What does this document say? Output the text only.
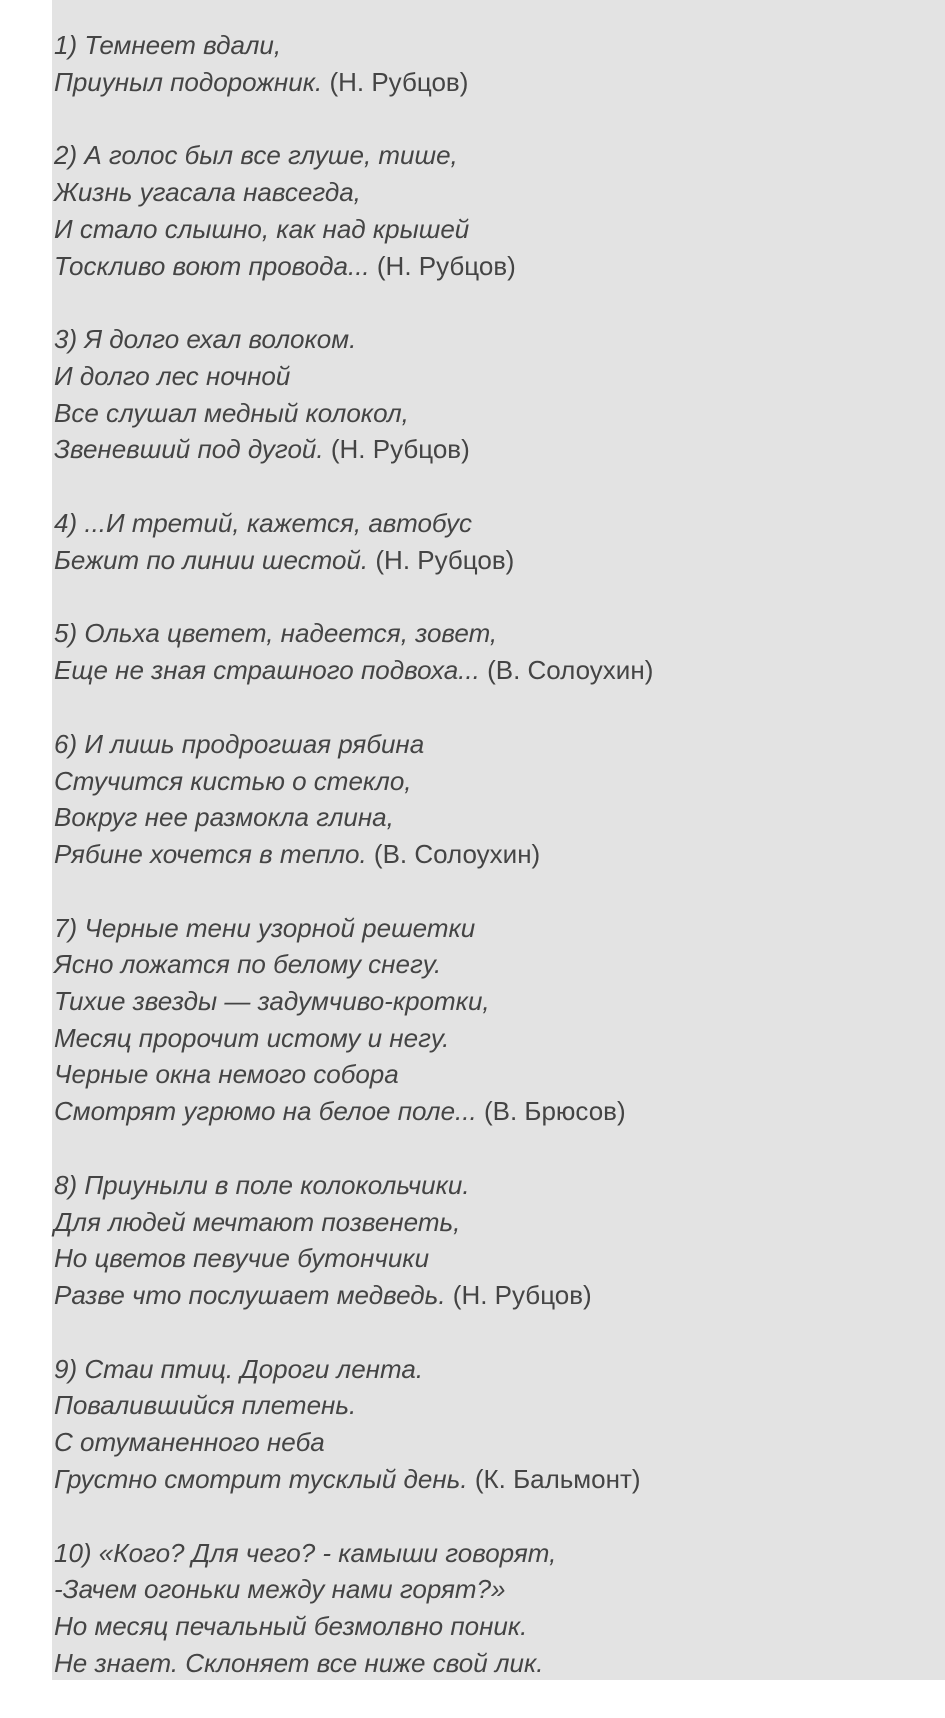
1) Темнеет вдали,
Приуныл подорожник. (Н. Рубцов)
2) А голос был все глуше, тише,
Жизнь угасала навсегда,
И стало слышно, как над крышей
Тоскливо воют провода... (Н. Рубцов)
3) Я долго ехал волоком.
И долго лес ночной
Все слушал медный колокол,
Звеневший под дугой. (Н. Рубцов)
4) ...И третий, кажется, автобус
Бежит по линии шестой. (Н. Рубцов)
5) Ольха цветет, надеется, зовет,
Еще не зная страшного подвоха... (В. Солоухин)
6) И лишь продрогшая рябина
Стучится кистью о стекло,
Вокруг нее размокла глина,
Рябине хочется в тепло. (В. Солоухин)
7) Черные тени узорной решетки
Ясно ложатся по белому снегу.
Тихие звезды — задумчиво-кротки,
Месяц пророчит истому и негу.
Черные окна немого собора
Смотрят угрюмо на белое поле... (В. Брюсов)
8) Приуныли в поле колокольчики.
Для людей мечтают позвенеть,
Но цветов певучие бутончики
Разве что послушает медведь. (Н. Рубцов)
9) Стаи птиц. Дороги лента.
Повалившийся плетень.
С отуманенного неба
Грустно смотрит тусклый день. (К. Бальмонт)
10) «Кого? Для чего? - камыши говорят,
-Зачем огоньки между нами горят?»
Но месяц печальный безмолвно поник.
Не знает. Склоняет все ниже свой лик.
